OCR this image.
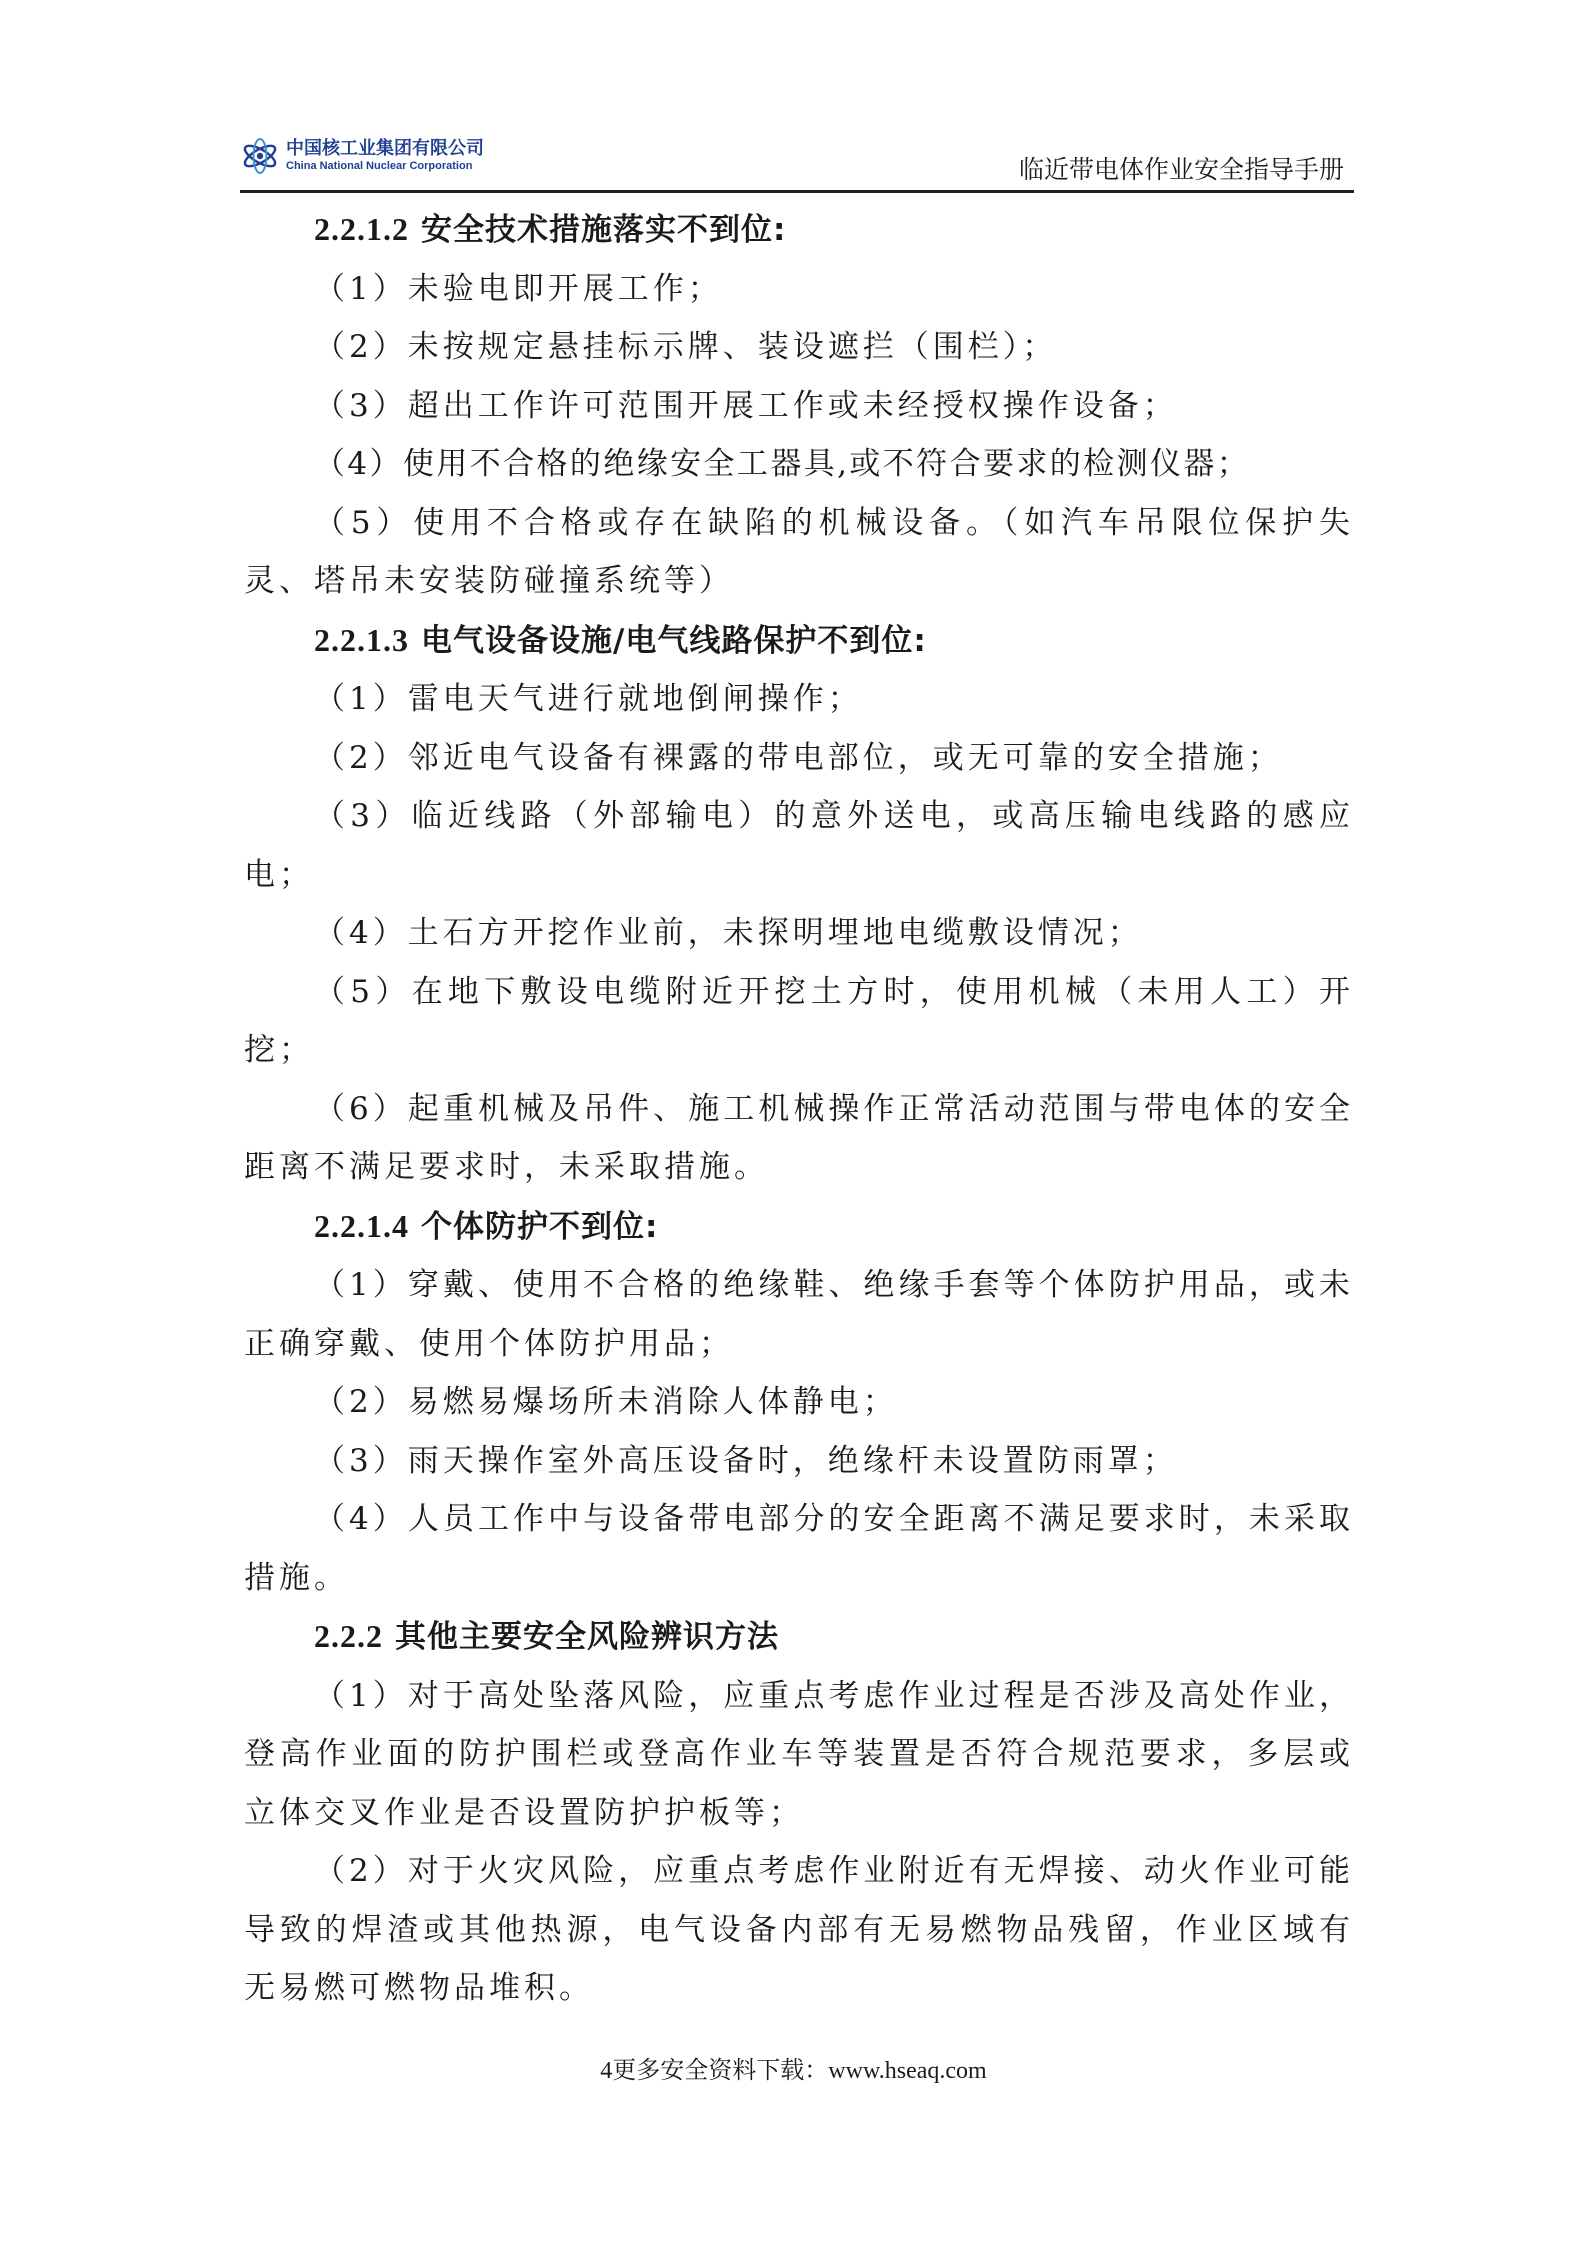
中国核工业集团有限公司
China National Nuclear Corporation	临近带电体作业安全指导手册

2.2.1.2 安全技术措施落实不到位:

（1）未验电即开展工作；

（2）未按规定悬挂标示牌、装设遮拦（围栏）；

（3）超出工作许可范围开展工作或未经授权操作设备；

（4）使用不合格的绝缘安全工器具,或不符合要求的检测仪器；

（5）使用不合格或存在缺陷的机械设备。（如汽车吊限位保护失灵、塔吊未安装防碰撞系统等）

2.2.1.3 电气设备设施/电气线路保护不到位:

（1）雷电天气进行就地倒闸操作；

（2）邻近电气设备有裸露的带电部位，或无可靠的安全措施；

（3）临近线路（外部输电）的意外送电，或高压输电线路的感应电；

（4）土石方开挖作业前，未探明埋地电缆敷设情况；

（5）在地下敷设电缆附近开挖土方时，使用机械（未用人工）开挖；

（6）起重机械及吊件、施工机械操作正常活动范围与带电体的安全距离不满足要求时，未采取措施。

2.2.1.4 个体防护不到位:

（1）穿戴、使用不合格的绝缘鞋、绝缘手套等个体防护用品，或未正确穿戴、使用个体防护用品；

（2）易燃易爆场所未消除人体静电；

（3）雨天操作室外高压设备时，绝缘杆未设置防雨罩；

（4）人员工作中与设备带电部分的安全距离不满足要求时，未采取措施。

2.2.2 其他主要安全风险辨识方法

（1）对于高处坠落风险，应重点考虑作业过程是否涉及高处作业，登高作业面的防护围栏或登高作业车等装置是否符合规范要求，多层或立体交叉作业是否设置防护护板等；

（2）对于火灾风险，应重点考虑作业附近有无焊接、动火作业可能导致的焊渣或其他热源，电气设备内部有无易燃物品残留，作业区域有无易燃可燃物品堆积。

4更多安全资料下载：www.hseaq.com
